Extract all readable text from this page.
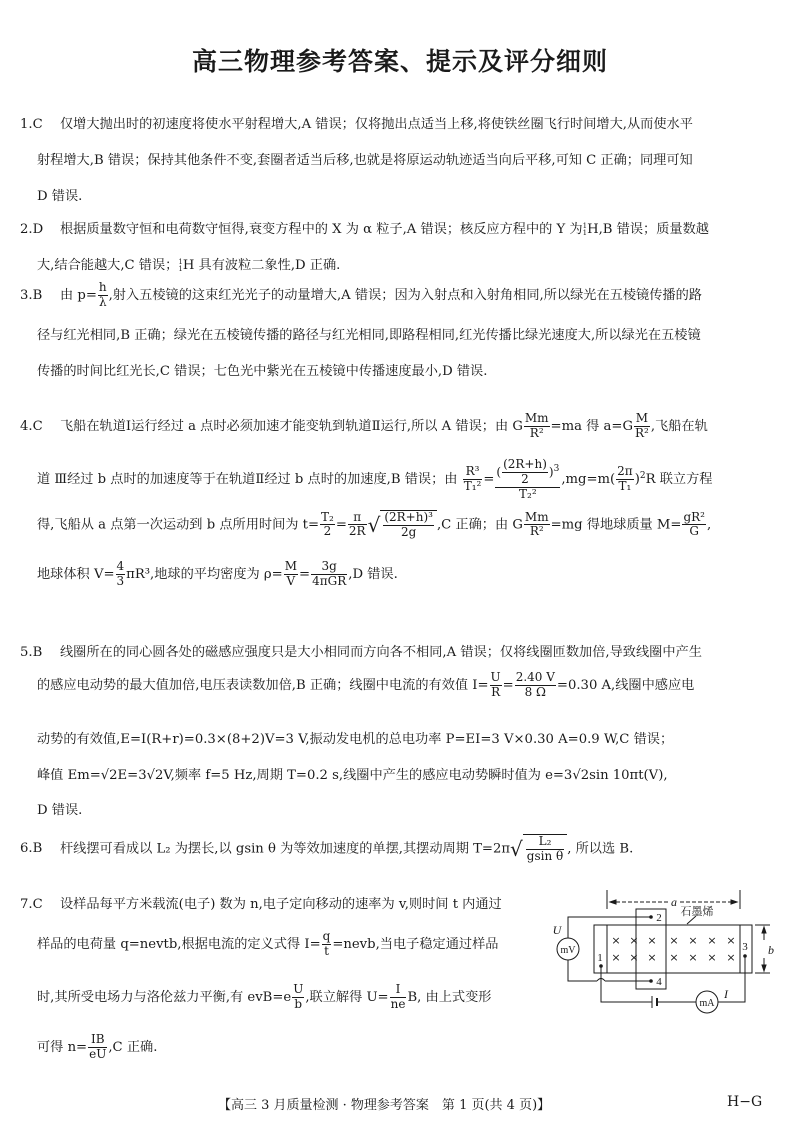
高三物理参考答案、提示及评分细则
1.C 仅增大抛出时的初速度将使水平射程增大,A 错误；仅将抛出点适当上移,将使铁丝圈飞行时间增大,从而使水平
射程增大,B 错误；保持其他条件不变,套圈者适当后移,也就是将原运动轨迹适当向后平移,可知 C 正确；同理可知
D 错误.
2.D 根据质量数守恒和电荷数守恒得,衰变方程中的 X 为 α 粒子,A 错误；核反应方程中的 Y 为 1
1 H,B 错误；质量数越
大,结合能越大,C 错误； 1
1 H 具有波粒二象性,D 正确.
3.B 由 $p= \frac{h}{\lambda}$ ,射入五棱镜的这束红光光子的动量增大,A 错误；因为入射点和入射角相同,所以绿光在五棱镜传播的路
径与红光相同,B 正确；绿光在五棱镜传播的路径与红光相同,即路程相同,红光传播比绿光速度大,所以绿光在五棱镜
传播的时间比红光长,C 错误；七色光中紫光在五棱镜中传播速度最小,D 错误.
4.C 飞船在轨道Ⅰ运行经过 a 点时必须加速才能变轨到轨道Ⅱ运行,所以 A 错误；由 G $\frac{Mm}{\text{R²}} =ma$ 得 $a=G \frac{M}{\text{R²}}$ ,飞船在轨
道 Ⅲ经过 b 点时的加速度等于在轨道Ⅱ经过 b 点时的加速度,B 错误；由 $\frac{\text{R³}}{\text{T₁²}} = \frac{( \frac{(2R+h)}{2} )^3}{\text{T₂²}} ,mg=m( \frac{2\pi}{\text{T₁}} )^2R$ 联立方程
得,飞船从 a 点第一次运动到 b 点所用时间为 $t= \frac{\text{T₂}}{2} = \frac{\pi}{2R}$ √ $\frac{\text{(2R+h)³}}{2g} ,C$ 正确；由 G $\frac{Mm}{\text{R²}} =mg$ 得地球质量 $M= \frac{\text{gR²}}{G}$ ,
地球体积 $V= \frac{4}{3} \pi R^3$,地球的平均密度为 $\rho= \frac{M}{V} = \frac{3g}{\text{4πGR}} ,D$ 错误.
5.B 线圈所在的同心圆各处的磁感应强度只是大小相同而方向各不相同,A 错误；仅将线圈匝数加倍,导致线圈中产生
的感应电动势的最大值加倍,电压表读数加倍,B 正确；线圈中电流的有效值 $I= \frac{U}{R} = \frac{2.40 V}{8 \Omega} =0.30$ A,线圈中感应电
动势的有效值,E=I(R+r)=0.3×(8+2)V=3 V,振动发电机的总电功率 P=EI=3 V×0.30 A=0.9 W,C 错误；
峰值 Em=√2E=3√2V,频率 f=5 Hz,周期 T=0.2 s,线圈中产生的感应电动势瞬时值为 e=3√2sin 10πt(V),
D 错误.
6.B 杆线摆可看成以 L₂ 为摆长,以 gsin θ 为等效加速度的单摆,其摆动周期 $T=2\pi√ \frac{\text{L₂}}{\text{gsin θ}}$ , 所以选 B.
7.C 设样品每平方米载流(电子) 数为 n,电子定向移动的速率为 v,则时间 t 内通过
样品的电荷量 q=nevtb,根据电流的定义式得 $I= \frac{q}{t}$ =nevb,当电子稳定通过样品
时,其所受电场力与洛伦兹力平衡,有 $evB=e \frac{U}{b}$ ,联立解得 $U= \frac{I}{ne} B$, 由上式变形
可得 $n= \frac{IB}{eU} ,C$ 正确.
a
b
石墨烯
U
mV
mA
I
1
2
3
4
× × × × × × ×
× × × × × × ×
【高三 3 月质量检测 · 物理参考答案　第 1 页(共 4 页)】	H−G
